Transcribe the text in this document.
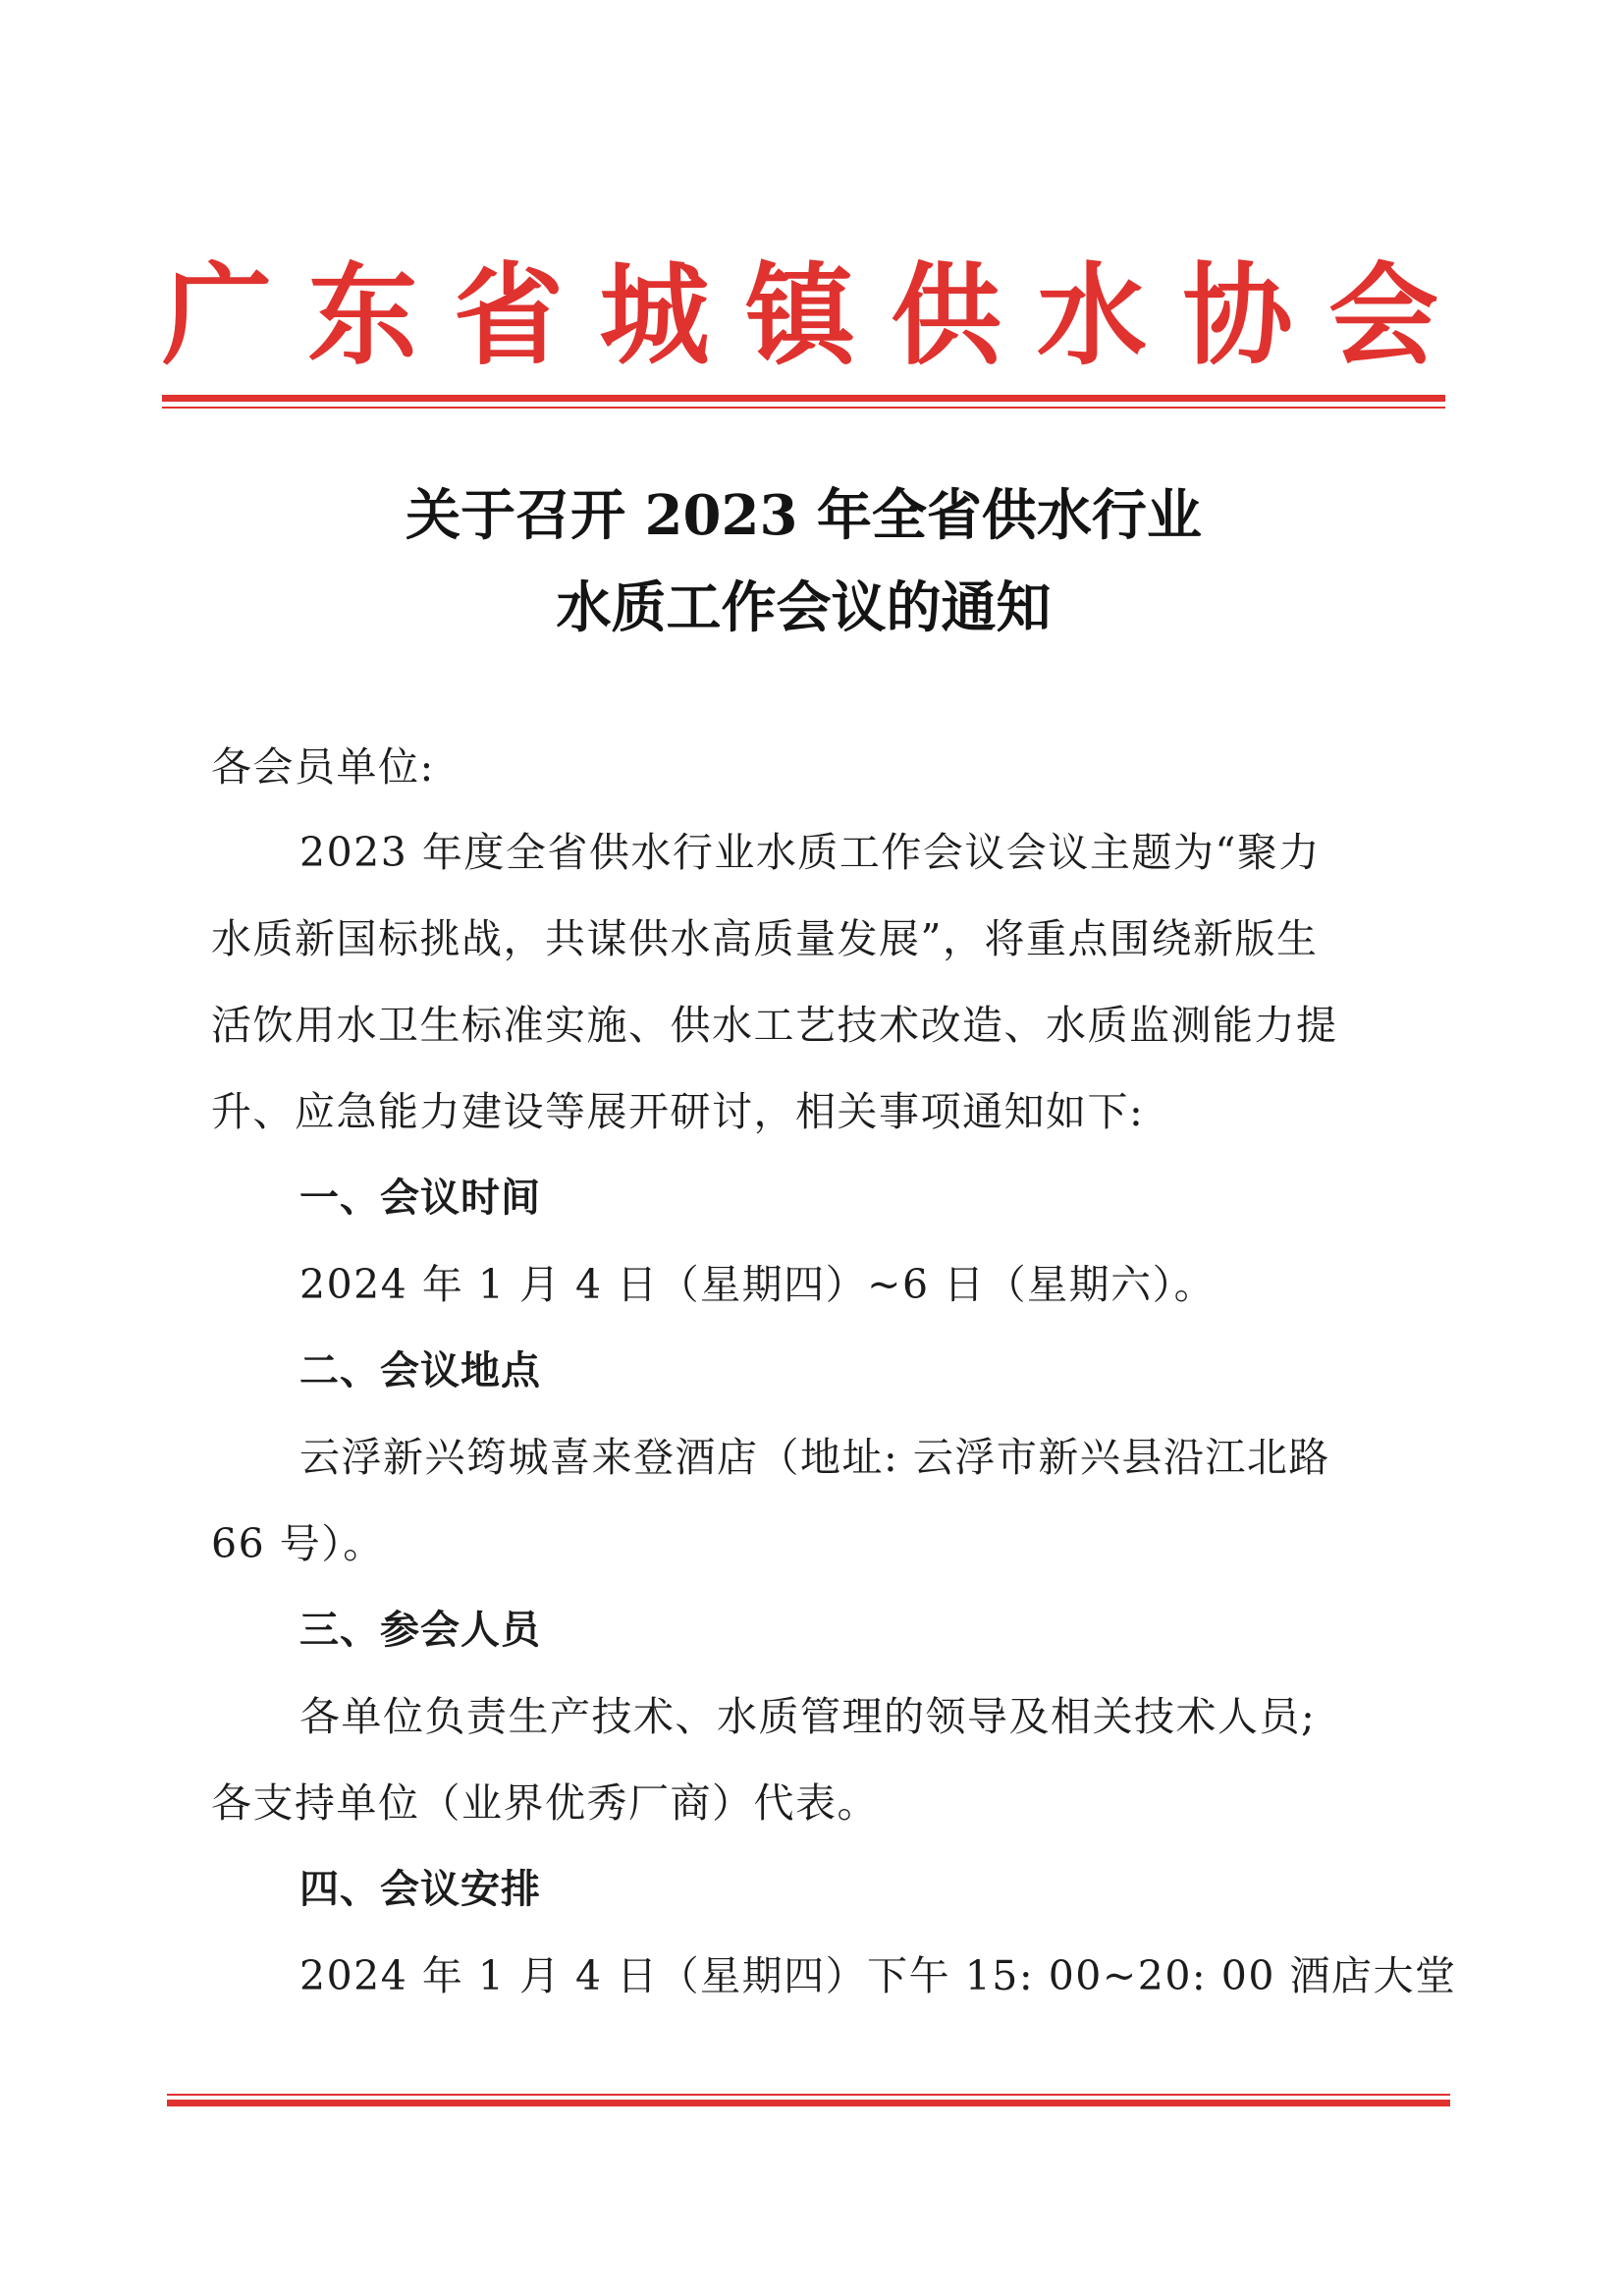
广 东 省 城 镇 供 水 协 会
关于召开 2023 年全省供水行业
水质工作会议的通知
各会员单位:
2023 年度全省供水行业水质工作会议会议主题为“聚力
水质新国标挑战，共谋供水高质量发展”，将重点围绕新版生
活饮用水卫生标准实施、供水工艺技术改造、水质监测能力提
升、应急能力建设等展开研讨，相关事项通知如下:
一、会议时间
2024 年 1 月 4 日（星期四）~6 日（星期六）。
二、会议地点
云浮新兴筠城喜来登酒店（地址: 云浮市新兴县沿江北路
66 号）。
三、参会人员
各单位负责生产技术、水质管理的领导及相关技术人员;
各支持单位（业界优秀厂商）代表。
四、会议安排
2024 年 1 月 4 日（星期四）下午 15: 00~20: 00 酒店大堂
